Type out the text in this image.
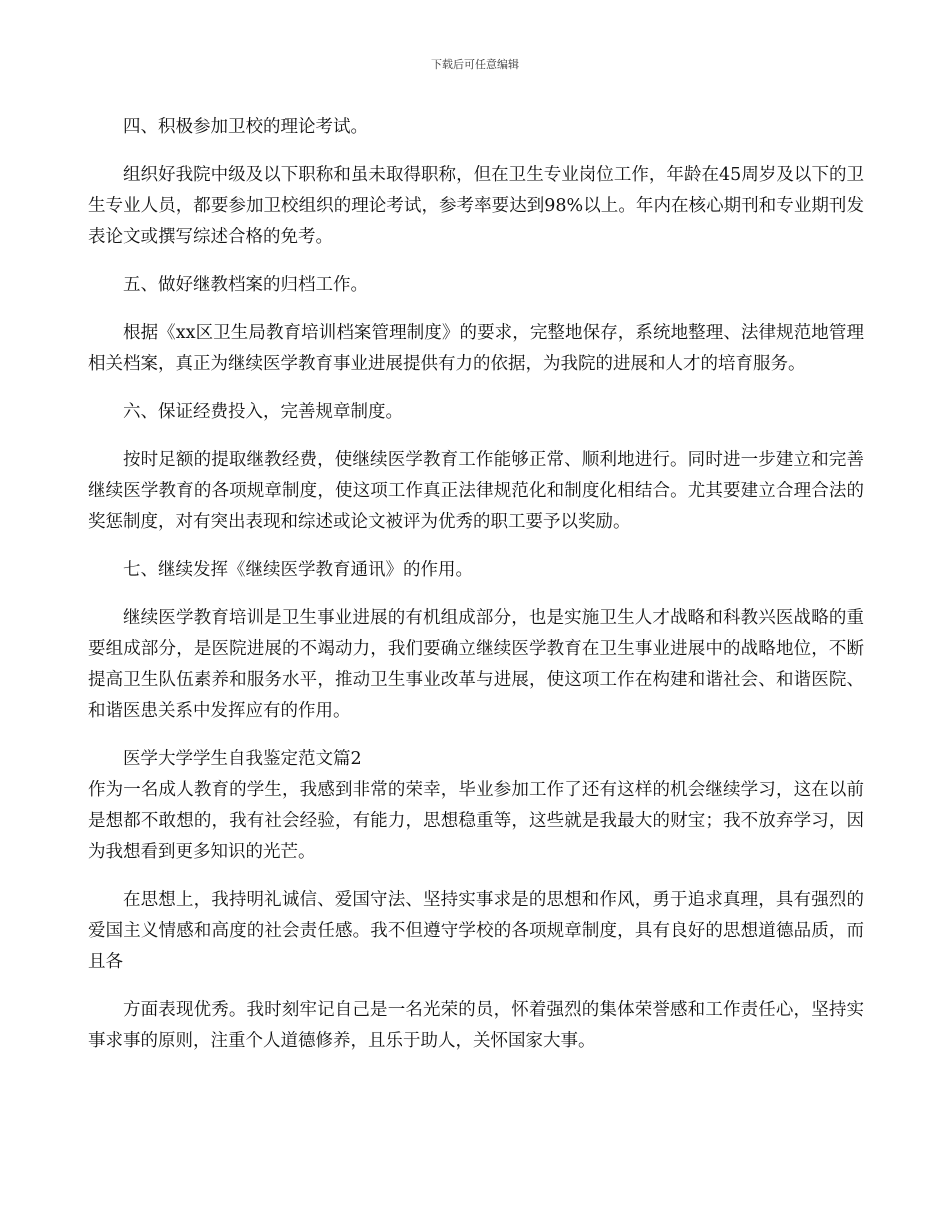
下载后可任意编辑

四、积极参加卫校的理论考试。

组织好我院中级及以下职称和虽未取得职称，但在卫生专业岗位工作，年龄在45周岁及以下的卫生专业人员，都要参加卫校组织的理论考试，参考率要达到98%以上。年内在核心期刊和专业期刊发表论文或撰写综述合格的免考。

五、做好继教档案的归档工作。

根据《xx区卫生局教育培训档案管理制度》的要求，完整地保存，系统地整理、法律规范地管理相关档案，真正为继续医学教育事业进展提供有力的依据，为我院的进展和人才的培育服务。

六、保证经费投入，完善规章制度。

按时足额的提取继教经费，使继续医学教育工作能够正常、顺利地进行。同时进一步建立和完善继续医学教育的各项规章制度，使这项工作真正法律规范化和制度化相结合。尤其要建立合理合法的奖惩制度，对有突出表现和综述或论文被评为优秀的职工要予以奖励。

七、继续发挥《继续医学教育通讯》的作用。

继续医学教育培训是卫生事业进展的有机组成部分，也是实施卫生人才战略和科教兴医战略的重要组成部分，是医院进展的不竭动力，我们要确立继续医学教育在卫生事业进展中的战略地位，不断提高卫生队伍素养和服务水平，推动卫生事业改革与进展，使这项工作在构建和谐社会、和谐医院、和谐医患关系中发挥应有的作用。

医学大学学生自我鉴定范文篇2

作为一名成人教育的学生，我感到非常的荣幸，毕业参加工作了还有这样的机会继续学习，这在以前是想都不敢想的，我有社会经验，有能力，思想稳重等，这些就是我最大的财宝；我不放弃学习，因为我想看到更多知识的光芒。

在思想上，我持明礼诚信、爱国守法、坚持实事求是的思想和作风，勇于追求真理，具有强烈的爱国主义情感和高度的社会责任感。我不但遵守学校的各项规章制度，具有良好的思想道德品质，而且各

方面表现优秀。我时刻牢记自己是一名光荣的员，怀着强烈的集体荣誉感和工作责任心，坚持实事求事的原则，注重个人道德修养，且乐于助人，关怀国家大事。
